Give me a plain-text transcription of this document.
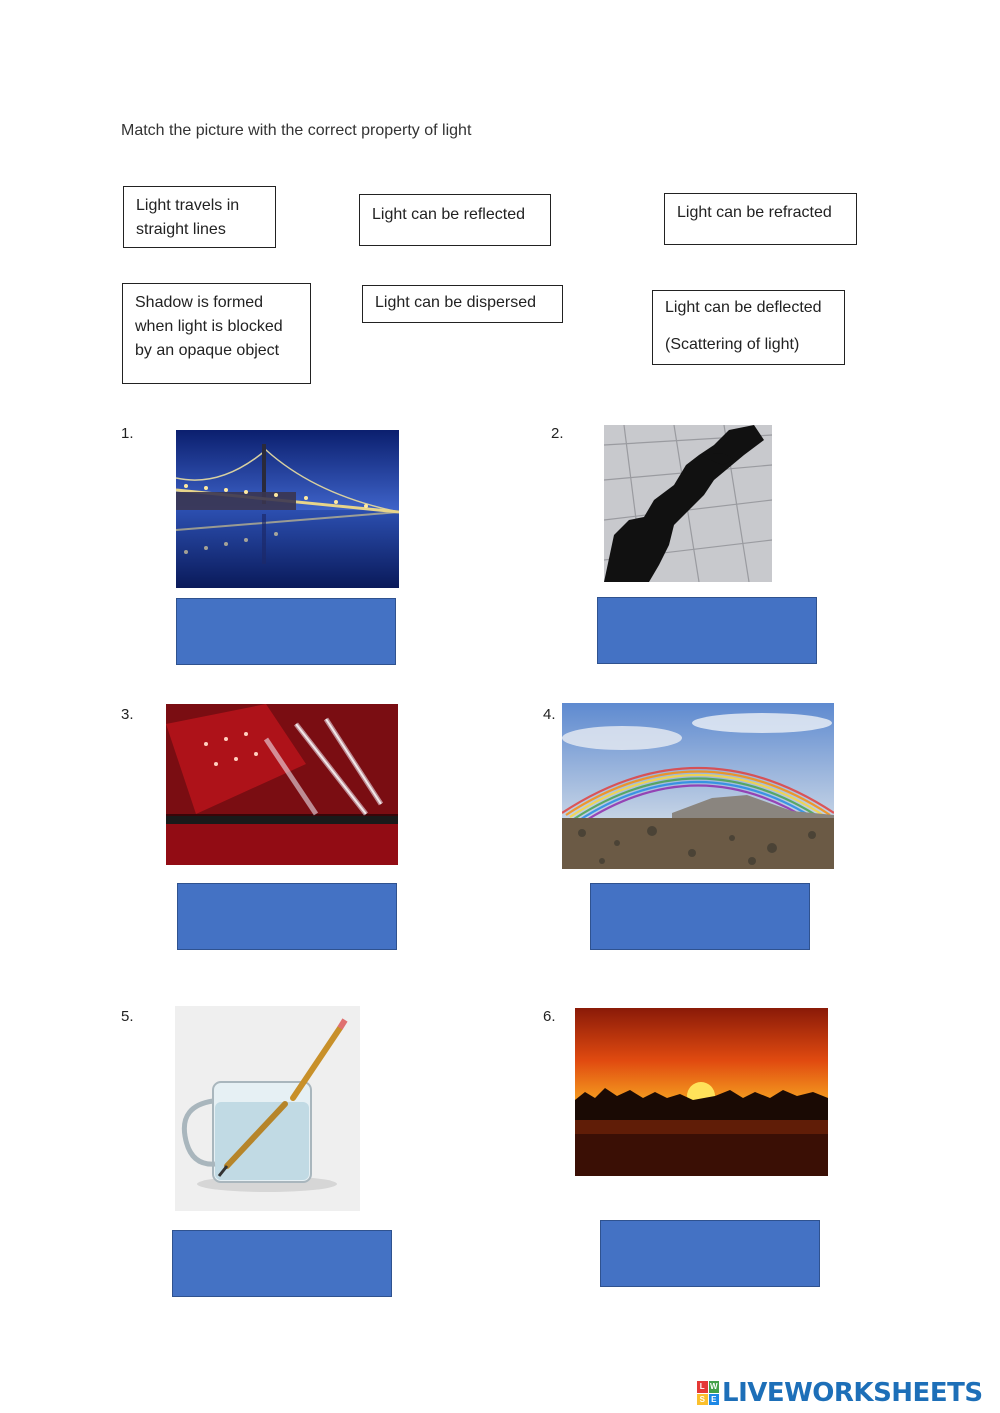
Match the picture with the correct property of light
Light travels in
straight lines
Light can be reflected	Light can be refracted
Shadow is formed
when light is blocked
by an opaque object
Light can be dispersed	Light can be deflected
(Scattering of light)
1.	2.
3.	4.
5.	6.
L W
S E LIVEWORKSHEETS
